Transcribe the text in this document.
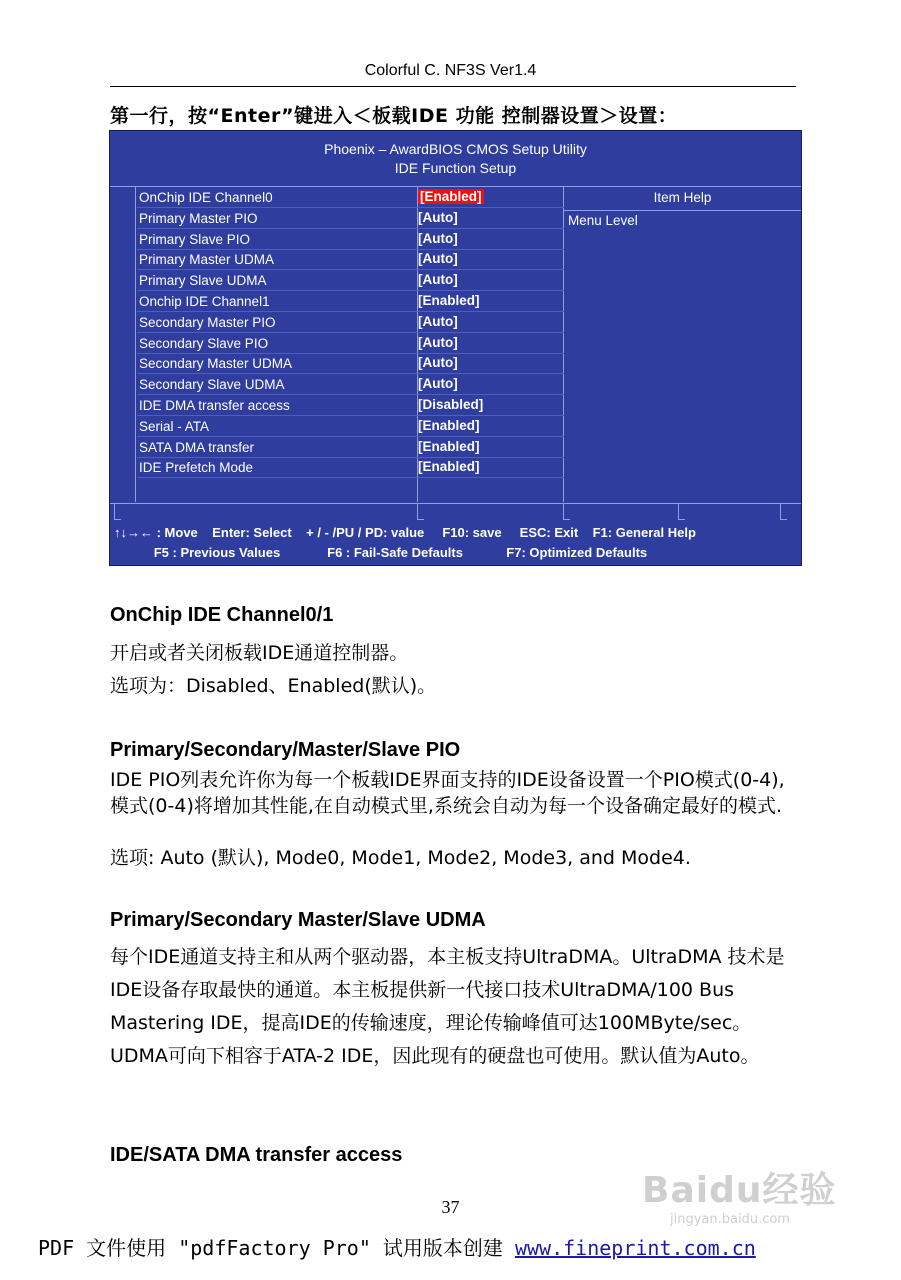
Colorful C. NF3S Ver1.4
第一行，按“Enter”键进入＜板载IDE 功能 控制器设置＞设置：
Phoenix – AwardBIOS CMOS Setup Utility
IDE Function Setup
OnChip IDE Channel0	[Enabled]
Primary Master PIO	[Auto]
Primary Slave PIO	[Auto]
Primary Master UDMA	[Auto]
Primary Slave UDMA	[Auto]
Onchip IDE Channel1	[Enabled]
Secondary Master PIO	[Auto]
Secondary Slave PIO	[Auto]
Secondary Master UDMA	[Auto]
Secondary Slave UDMA	[Auto]
IDE DMA transfer access	[Disabled]
Serial - ATA	[Enabled]
SATA DMA transfer	[Enabled]
IDE Prefetch Mode	[Enabled]
Item Help
Menu Level
↑↓→← : Move    Enter: Select    + / - /PU / PD: value     F10: save     ESC: Exit    F1: General Help
F5 : Previous Values             F6 : Fail-Safe Defaults            F7: Optimized Defaults
OnChip IDE Channel0/1
开启或者关闭板载IDE通道控制器。
选项为：Disabled、Enabled(默认)。
Primary/Secondary/Master/Slave PIO
IDE PIO列表允许你为每一个板载IDE界面支持的IDE设备设置一个PIO模式(0-4),模式(0-4)将增加其性能,在自动模式里,系统会自动为每一个设备确定最好的模式.
选项: Auto (默认), Mode0, Mode1, Mode2, Mode3, and Mode4.
Primary/Secondary Master/Slave UDMA
每个IDE通道支持主和从两个驱动器，本主板支持UltraDMA。UltraDMA 技术是IDE设备存取最快的通道。本主板提供新一代接口技术UltraDMA/100 Bus Mastering IDE，提高IDE的传输速度，理论传输峰值可达100MByte/sec。UDMA可向下相容于ATA-2 IDE，因此现有的硬盘也可使用。默认值为Auto。
IDE/SATA DMA transfer access
Baidu经验
jingyan.baidu.com
37
PDF 文件使用 "pdfFactory Pro" 试用版本创建 www.fineprint.com.cn
